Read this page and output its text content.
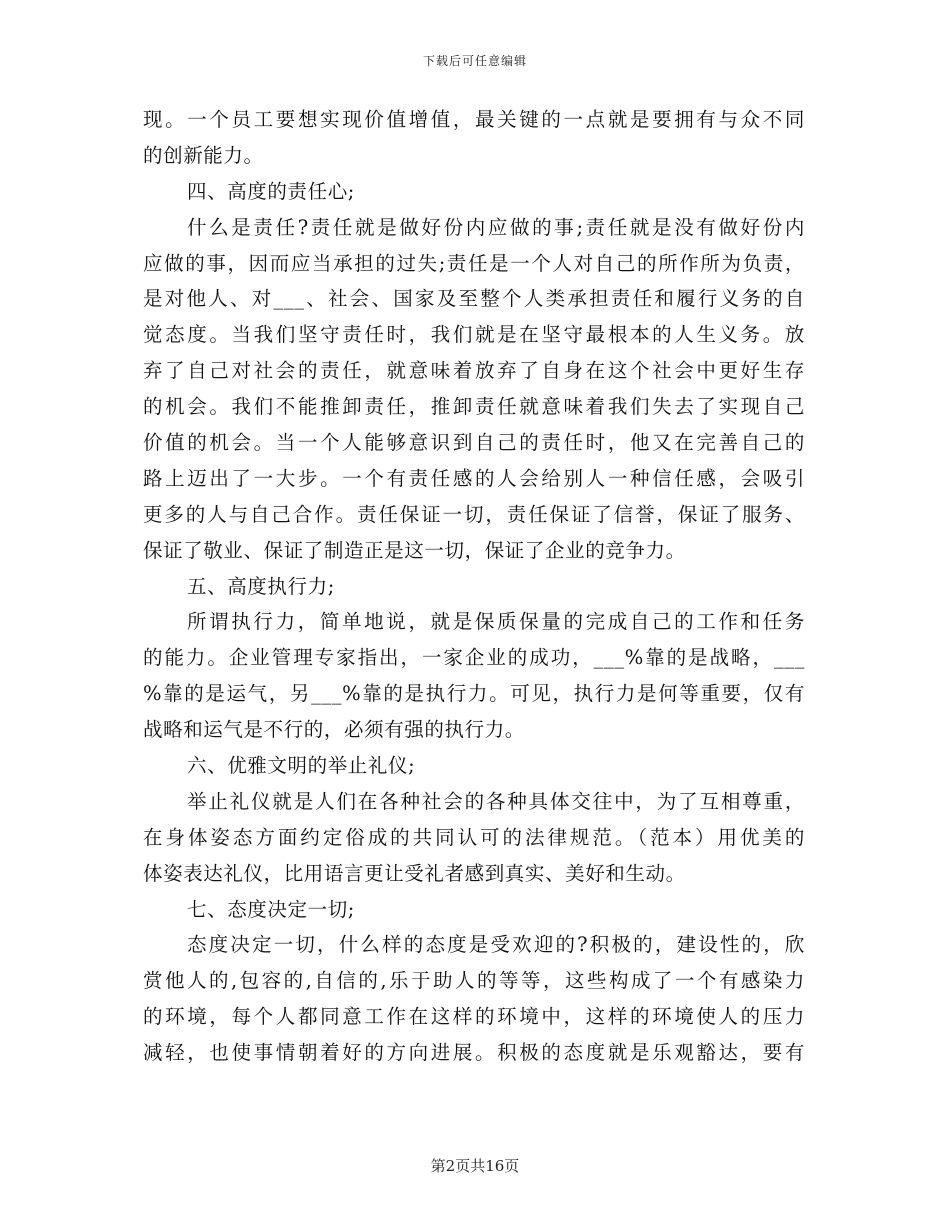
下载后可任意编辑
现。一个员工要想实现价值增值，最关键的一点就是要拥有与众不同
的创新能力。
四、高度的责任心;
什么是责任?责任就是做好份内应做的事;责任就是没有做好份内
应做的事，因而应当承担的过失;责任是一个人对自己的所作所为负责，
是对他人、对___、社会、国家及至整个人类承担责任和履行义务的自
觉态度。当我们坚守责任时，我们就是在坚守最根本的人生义务。放
弃了自己对社会的责任，就意味着放弃了自身在这个社会中更好生存
的机会。我们不能推卸责任，推卸责任就意味着我们失去了实现自己
价值的机会。当一个人能够意识到自己的责任时，他又在完善自己的
路上迈出了一大步。一个有责任感的人会给别人一种信任感，会吸引
更多的人与自己合作。责任保证一切，责任保证了信誉，保证了服务、
保证了敬业、保证了制造正是这一切，保证了企业的竞争力。
五、高度执行力;
所谓执行力，简单地说，就是保质保量的完成自己的工作和任务
的能力。企业管理专家指出，一家企业的成功，___%靠的是战略，___
%靠的是运气，另___%靠的是执行力。可见，执行力是何等重要，仅有
战略和运气是不行的，必须有强的执行力。
六、优雅文明的举止礼仪;
举止礼仪就是人们在各种社会的各种具体交往中，为了互相尊重，
在身体姿态方面约定俗成的共同认可的法律规范。（范本）用优美的
体姿表达礼仪，比用语言更让受礼者感到真实、美好和生动。
七、态度决定一切;
态度决定一切，什么样的态度是受欢迎的?积极的，建设性的，欣
赏他人的,包容的,自信的,乐于助人的等等，这些构成了一个有感染力
的环境，每个人都同意工作在这样的环境中，这样的环境使人的压力
减轻，也使事情朝着好的方向进展。积极的态度就是乐观豁达，要有
第2页共16页
